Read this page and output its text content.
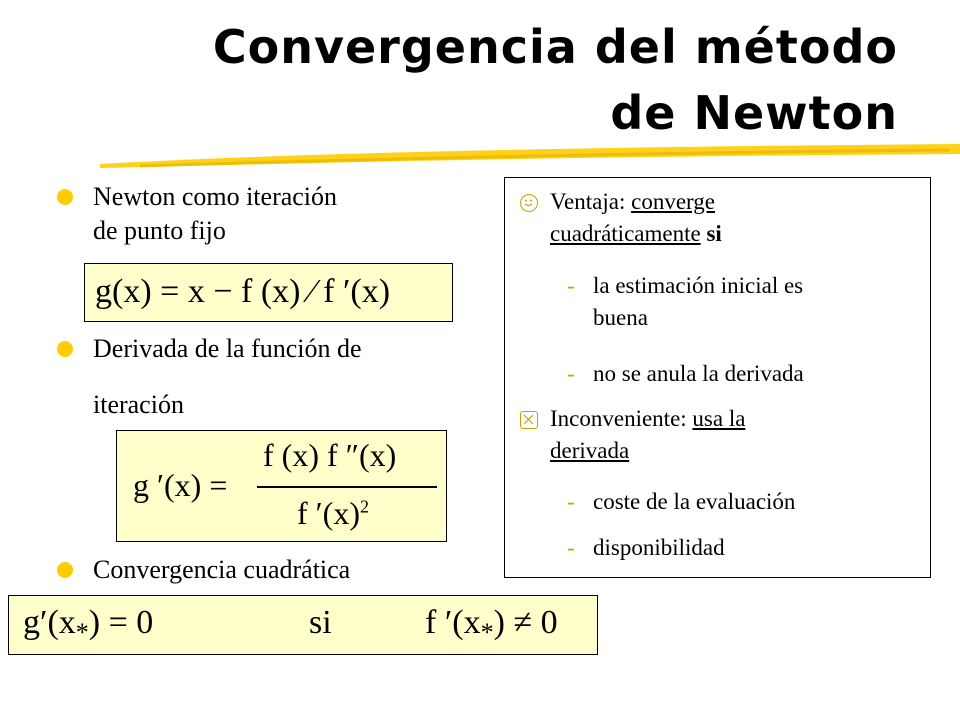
Convergencia del método de Newton
Newton como iteración
de punto fijo
g(x) = x − f (x) ⁄ f ′(x)
Derivada de la función de
iteración
g ′(x) =
f (x) f ″(x)
f $'(x)^2$
Convergencia cuadrática
$g'(x_*) = 0$	si	f $'(x_*) \ne 0$
Ventaja: converge
cuadráticamente si
- la estimación inicial es
buena
- no se anula la derivada
Inconveniente: usa la
derivada
- coste de la evaluación
- disponibilidad
